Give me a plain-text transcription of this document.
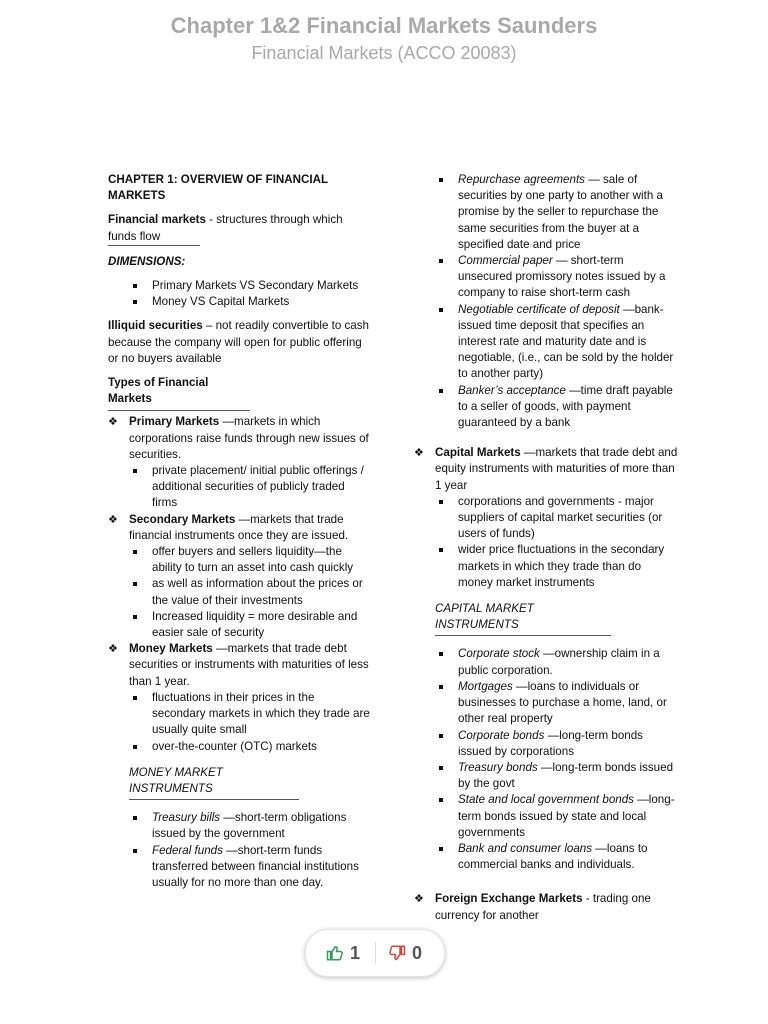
Chapter 1&2 Financial Markets Saunders
Financial Markets (ACCO 20083)

CHAPTER 1: OVERVIEW OF FINANCIAL MARKETS

Financial markets - structures through which
funds flow

DIMENSIONS:

Primary Markets VS Secondary Markets
Money VS Capital Markets

Illiquid securities – not readily convertible to cash because the company will open for public offering or no buyers available

Types of Financial Markets

❖ Primary Markets —markets in which corporations raise funds through new issues of securities.
private placement/ initial public offerings / additional securities of publicly traded firms
❖ Secondary Markets —markets that trade financial instruments once they are issued.
offer buyers and sellers liquidity—the ability to turn an asset into cash quickly
as well as information about the prices or the value of their investments
Increased liquidity = more desirable and easier sale of security
❖ Money Markets —markets that trade debt securities or instruments with maturities of less than 1 year.
fluctuations in their prices in the secondary markets in which they trade are usually quite small
over-the-counter (OTC) markets
MONEY MARKET INSTRUMENTS
Treasury bills —short-term obligations issued by the government
Federal funds —short-term funds transferred between financial institutions usually for no more than one day.
Repurchase agreements — sale of securities by one party to another with a promise by the seller to repurchase the same securities from the buyer at a specified date and price
Commercial paper — short-term unsecured promissory notes issued by a company to raise short-term cash
Negotiable certificate of deposit —bank-issued time deposit that specifies an interest rate and maturity date and is negotiable, (i.e., can be sold by the holder to another party)
Banker’s acceptance —time draft payable to a seller of goods, with payment guaranteed by a bank
❖ Capital Markets —markets that trade debt and equity instruments with maturities of more than 1 year
corporations and governments - major suppliers of capital market securities (or users of funds)
wider price fluctuations in the secondary markets in which they trade than do money market instruments
CAPITAL MARKET INSTRUMENTS
Corporate stock —ownership claim in a public corporation.
Mortgages —loans to individuals or businesses to purchase a home, land, or other real property
Corporate bonds —long-term bonds issued by corporations
Treasury bonds —long-term bonds issued by the govt
State and local government bonds —long-term bonds issued by state and local governments
Bank and consumer loans —loans to commercial banks and individuals.
❖ Foreign Exchange Markets - trading one currency for another
1	0
